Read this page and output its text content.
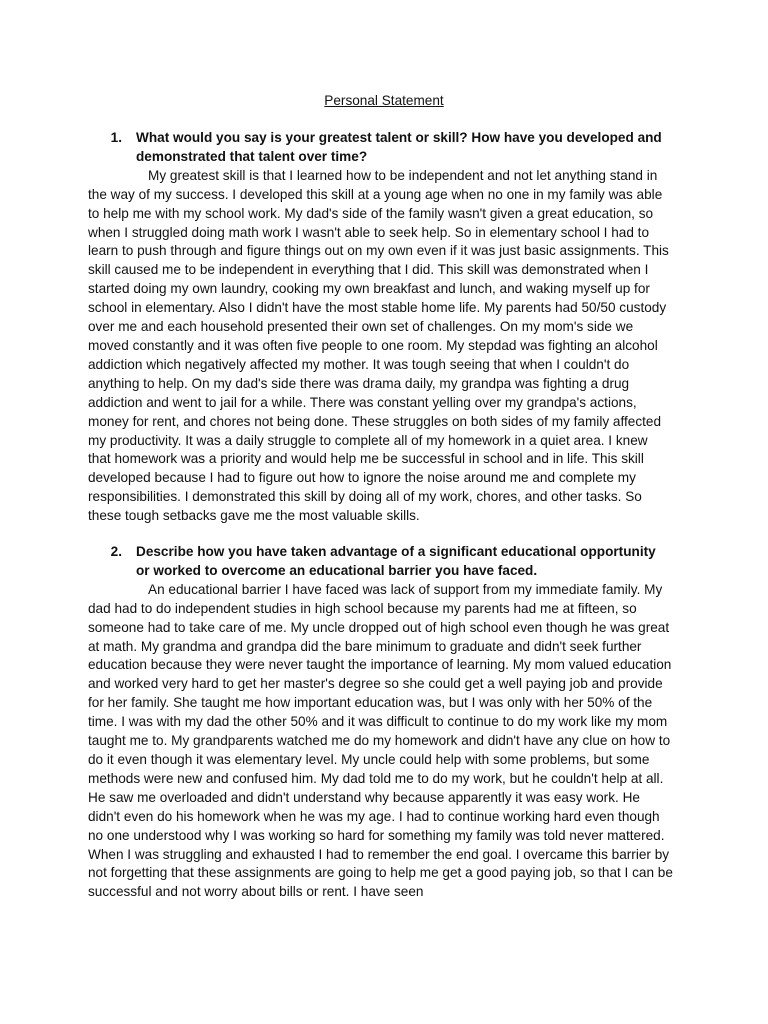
Personal Statement
1.	What would you say is your greatest talent or skill? How have you developed and demonstrated that talent over time?

My greatest skill is that I learned how to be independent and not let anything stand in the way of my success. I developed this skill at a young age when no one in my family was able to help me with my school work. My dad's side of the family wasn't given a great education, so when I struggled doing math work I wasn't able to seek help. So in elementary school I had to learn to push through and figure things out on my own even if it was just basic assignments. This skill caused me to be independent in everything that I did. This skill was demonstrated when I started doing my own laundry, cooking my own breakfast and lunch, and waking myself up for school in elementary. Also I didn't have the most stable home life. My parents had 50/50 custody over me and each household presented their own set of challenges. On my mom's side we moved constantly and it was often five people to one room. My stepdad was fighting an alcohol addiction which negatively affected my mother. It was tough seeing that when I couldn't do anything to help. On my dad's side there was drama daily, my grandpa was fighting a drug addiction and went to jail for a while. There was constant yelling over my grandpa's actions, money for rent, and chores not being done. These struggles on both sides of my family affected my productivity. It was a daily struggle to complete all of my homework in a quiet area. I knew that homework was a priority and would help me be successful in school and in life. This skill developed because I had to figure out how to ignore the noise around me and complete my responsibilities. I demonstrated this skill by doing all of my work, chores, and other tasks. So these tough setbacks gave me the most valuable skills.

2.	Describe how you have taken advantage of a significant educational opportunity or worked to overcome an educational barrier you have faced.

An educational barrier I have faced was lack of support from my immediate family. My dad had to do independent studies in high school because my parents had me at fifteen, so someone had to take care of me. My uncle dropped out of high school even though he was great at math. My grandma and grandpa did the bare minimum to graduate and didn't seek further education because they were never taught the importance of learning. My mom valued education and worked very hard to get her master's degree so she could get a well paying job and provide for her family. She taught me how important education was, but I was only with her 50% of the time. I was with my dad the other 50% and it was difficult to continue to do my work like my mom taught me to. My grandparents watched me do my homework and didn't have any clue on how to do it even though it was elementary level. My uncle could help with some problems, but some methods were new and confused him. My dad told me to do my work, but he couldn't help at all. He saw me overloaded and didn't understand why because apparently it was easy work. He didn't even do his homework when he was my age. I had to continue working hard even though no one understood why I was working so hard for something my family was told never mattered. When I was struggling and exhausted I had to remember the end goal. I overcame this barrier by not forgetting that these assignments are going to help me get a good paying job, so that I can be successful and not worry about bills or rent. I have seen
